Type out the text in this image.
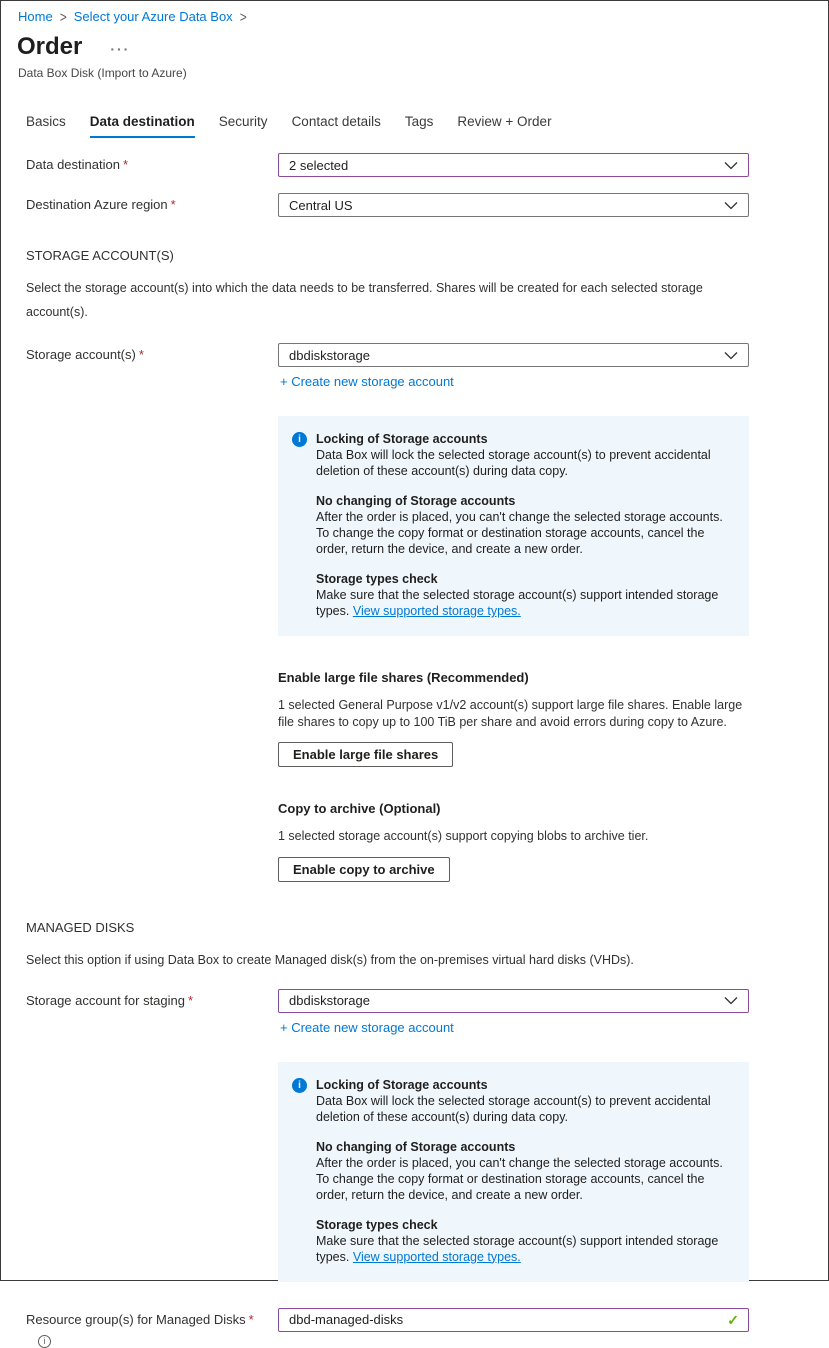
Home > Select your Azure Data Box >
Order ···
Data Box Disk (Import to Azure)
Basics Data destination Security Contact details Tags Review + Order
Data destination *	2 selected
Destination Azure region *	Central US
STORAGE ACCOUNT(S)
Select the storage account(s) into which the data needs to be transferred. Shares will be created for each selected storage account(s).
Storage account(s) *	dbdiskstorage
+ Create new storage account
i	Locking of Storage accounts
Data Box will lock the selected storage account(s) to prevent accidental deletion of these account(s) during data copy.
No changing of Storage accounts
After the order is placed, you can't change the selected storage accounts. To change the copy format or destination storage accounts, cancel the order, return the device, and create a new order.
Storage types check
Make sure that the selected storage account(s) support intended storage types. View supported storage types.
Enable large file shares (Recommended)
1 selected General Purpose v1/v2 account(s) support large file shares. Enable large file shares to copy up to 100 TiB per share and avoid errors during copy to Azure.
Enable large file shares
Copy to archive (Optional)
1 selected storage account(s) support copying blobs to archive tier.
Enable copy to archive
MANAGED DISKS
Select this option if using Data Box to create Managed disk(s) from the on-premises virtual hard disks (VHDs).
Storage account for staging *	dbdiskstorage
+ Create new storage account
i	Locking of Storage accounts
Data Box will lock the selected storage account(s) to prevent accidental deletion of these account(s) during data copy.
No changing of Storage accounts
After the order is placed, you can't change the selected storage accounts. To change the copy format or destination storage accounts, cancel the order, return the device, and create a new order.
Storage types check
Make sure that the selected storage account(s) support intended storage types. View supported storage types.
Resource group(s) for Managed Disks *
i
dbd-managed-disks
✓
